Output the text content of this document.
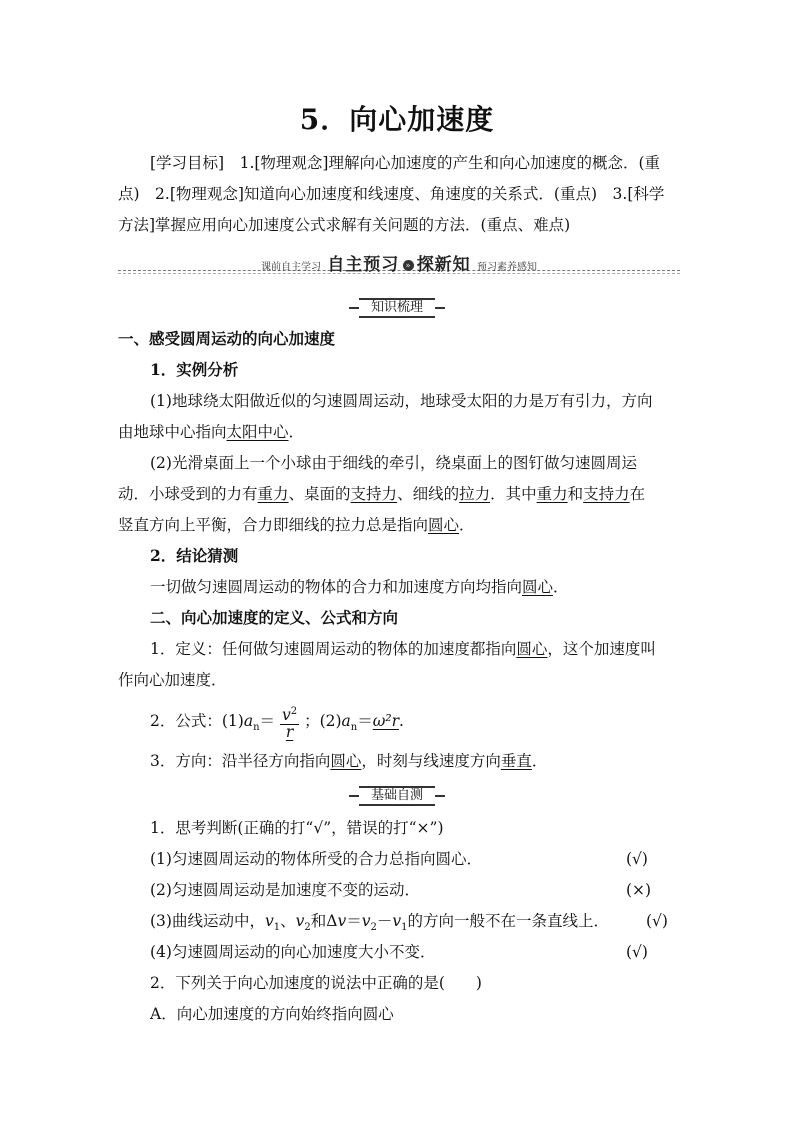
5．向心加速度
[学习目标]　1.[物理观念]理解向心加速度的产生和向心加速度的概念．(重
点)　2.[物理观念]知道向心加速度和线速度、角速度的关系式．(重点)　3.[科学
方法]掌握应用向心加速度公式求解有关问题的方法．(重点、难点)
课前自主学习 自主预习 » 探新知 预习素养感知
知识梳理
一、感受圆周运动的向心加速度
1．实例分析
(1)地球绕太阳做近似的匀速圆周运动，地球受太阳的力是万有引力，方向
由地球中心指向太阳中心．
(2)光滑桌面上一个小球由于细线的牵引，绕桌面上的图钉做匀速圆周运
动．小球受到的力有重力、桌面的支持力、细线的拉力．其中重力和支持力在
竖直方向上平衡，合力即细线的拉力总是指向圆心．
2．结论猜测
一切做匀速圆周运动的物体的合力和加速度方向均指向圆心．
二、向心加速度的定义、公式和方向
1．定义：任何做匀速圆周运动的物体的加速度都指向圆心，这个加速度叫
作向心加速度．
2．公式：$(1)a_n= \frac{v^2}{r}$ ；$(2)a_n=\omega^2r$.
3．方向：沿半径方向指向圆心，时刻与线速度方向垂直．
基础自测
1．思考判断(正确的打“√”，错误的打“×”)
(1)匀速圆周运动的物体所受的合力总指向圆心．	(√)
(2)匀速圆周运动是加速度不变的运动．	(×)
(3)曲线运动中，$v_1$、$v_2$和$\Delta v=v_2-v_1$的方向一般不在一条直线上． (√)
(4)匀速圆周运动的向心加速度大小不变．	(√)
2．下列关于向心加速度的说法中正确的是(　　)
A．向心加速度的方向始终指向圆心
